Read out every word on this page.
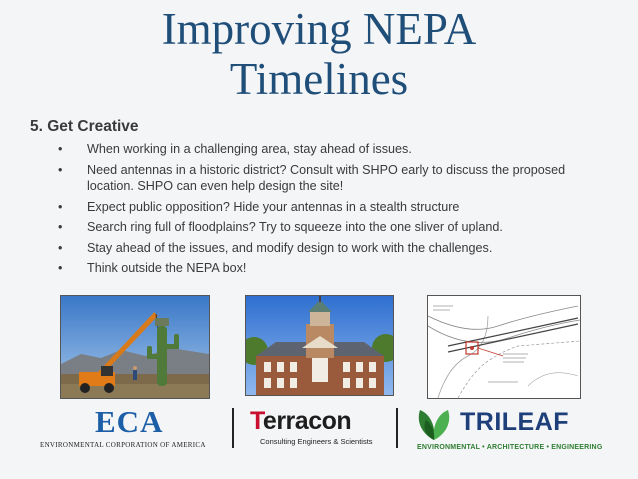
Improving NEPA
Timelines
5. Get Creative
• When working in a challenging area, stay ahead of issues.
• Need antennas in a historic district? Consult with SHPO early to discuss the proposed location. SHPO can even help design the site!
• Expect public opposition? Hide your antennas in a stealth structure
• Search ring full of floodplains? Try to squeeze into the one sliver of upland.
• Stay ahead of the issues, and modify design to work with the challenges.
• Think outside the NEPA box!
ECA
ENVIRONMENTAL CORPORATION OF AMERICA
Terracon
Consulting Engineers & Scientists
TRILEAF
ENVIRONMENTAL • ARCHITECTURE • ENGINEERING
